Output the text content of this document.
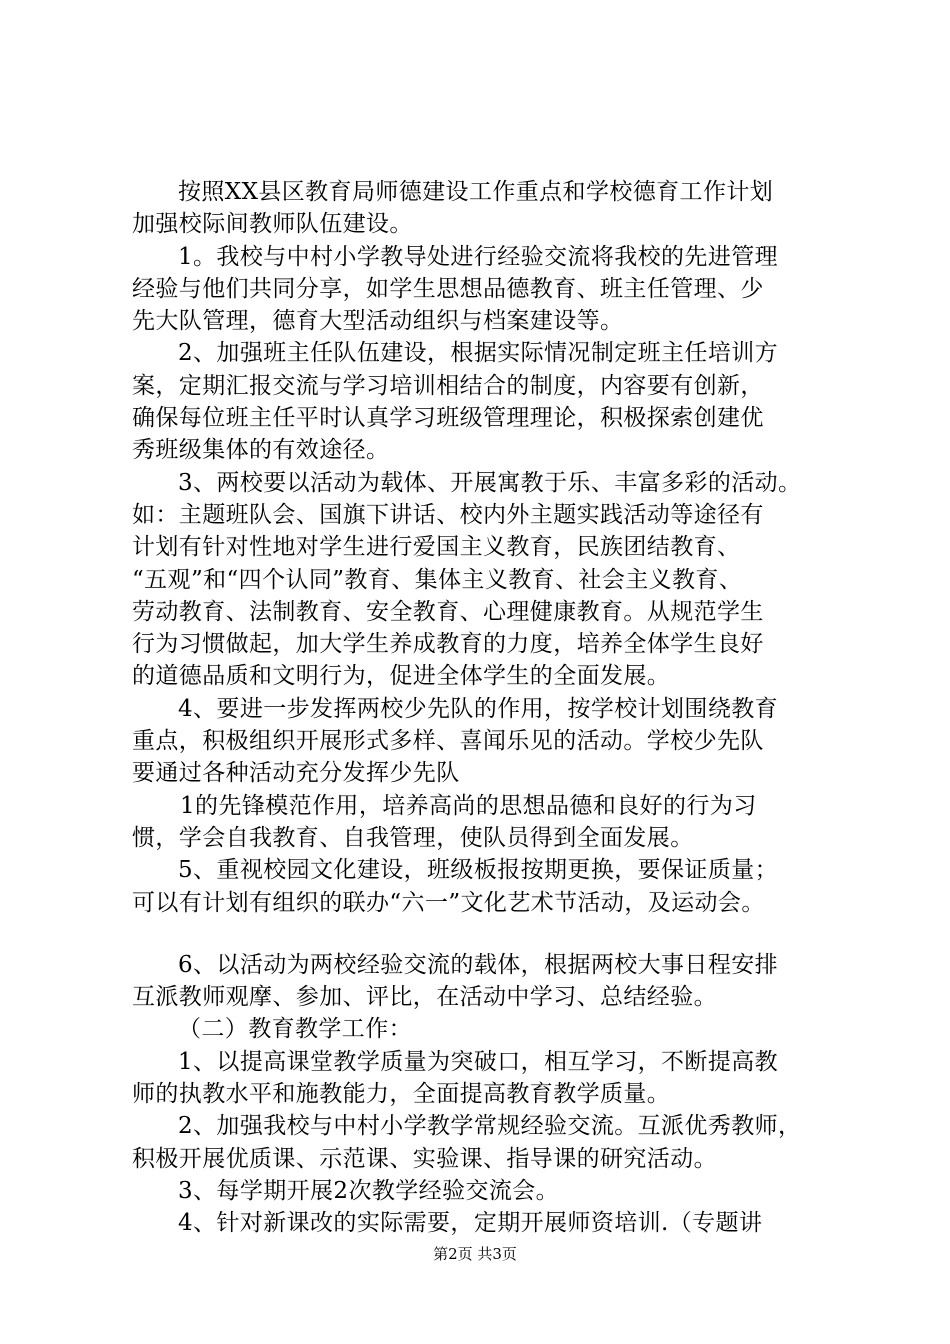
按照XX县区教育局师德建设工作重点和学校德育工作计划
加强校际间教师队伍建设。
1。我校与中村小学教导处进行经验交流将我校的先进管理
经验与他们共同分享，如学生思想品德教育、班主任管理、少
先大队管理，德育大型活动组织与档案建设等。
2、加强班主任队伍建设，根据实际情况制定班主任培训方
案，定期汇报交流与学习培训相结合的制度，内容要有创新，
确保每位班主任平时认真学习班级管理理论，积极探索创建优
秀班级集体的有效途径。
3、两校要以活动为载体、开展寓教于乐、丰富多彩的活动。
如：主题班队会、国旗下讲话、校内外主题实践活动等途径有
计划有针对性地对学生进行爱国主义教育，民族团结教育、
“五观”和“四个认同”教育、集体主义教育、社会主义教育、
劳动教育、法制教育、安全教育、心理健康教育。从规范学生
行为习惯做起，加大学生养成教育的力度，培养全体学生良好
的道德品质和文明行为，促进全体学生的全面发展。
4、要进一步发挥两校少先队的作用，按学校计划围绕教育
重点，积极组织开展形式多样、喜闻乐见的活动。学校少先队
要通过各种活动充分发挥少先队
1的先锋模范作用，培养高尚的思想品德和良好的行为习
惯，学会自我教育、自我管理，使队员得到全面发展。
5、重视校园文化建设，班级板报按期更换，要保证质量；
可以有计划有组织的联办“六一”文化艺术节活动，及运动会。
6、以活动为两校经验交流的载体，根据两校大事日程安排
互派教师观摩、参加、评比，在活动中学习、总结经验。
（二）教育教学工作：
1、以提高课堂教学质量为突破口，相互学习，不断提高教
师的执教水平和施教能力，全面提高教育教学质量。
2、加强我校与中村小学教学常规经验交流。互派优秀教师，
积极开展优质课、示范课、实验课、指导课的研究活动。
3、每学期开展2次教学经验交流会。
4、针对新课改的实际需要，定期开展师资培训.（专题讲
第2页 共3页
